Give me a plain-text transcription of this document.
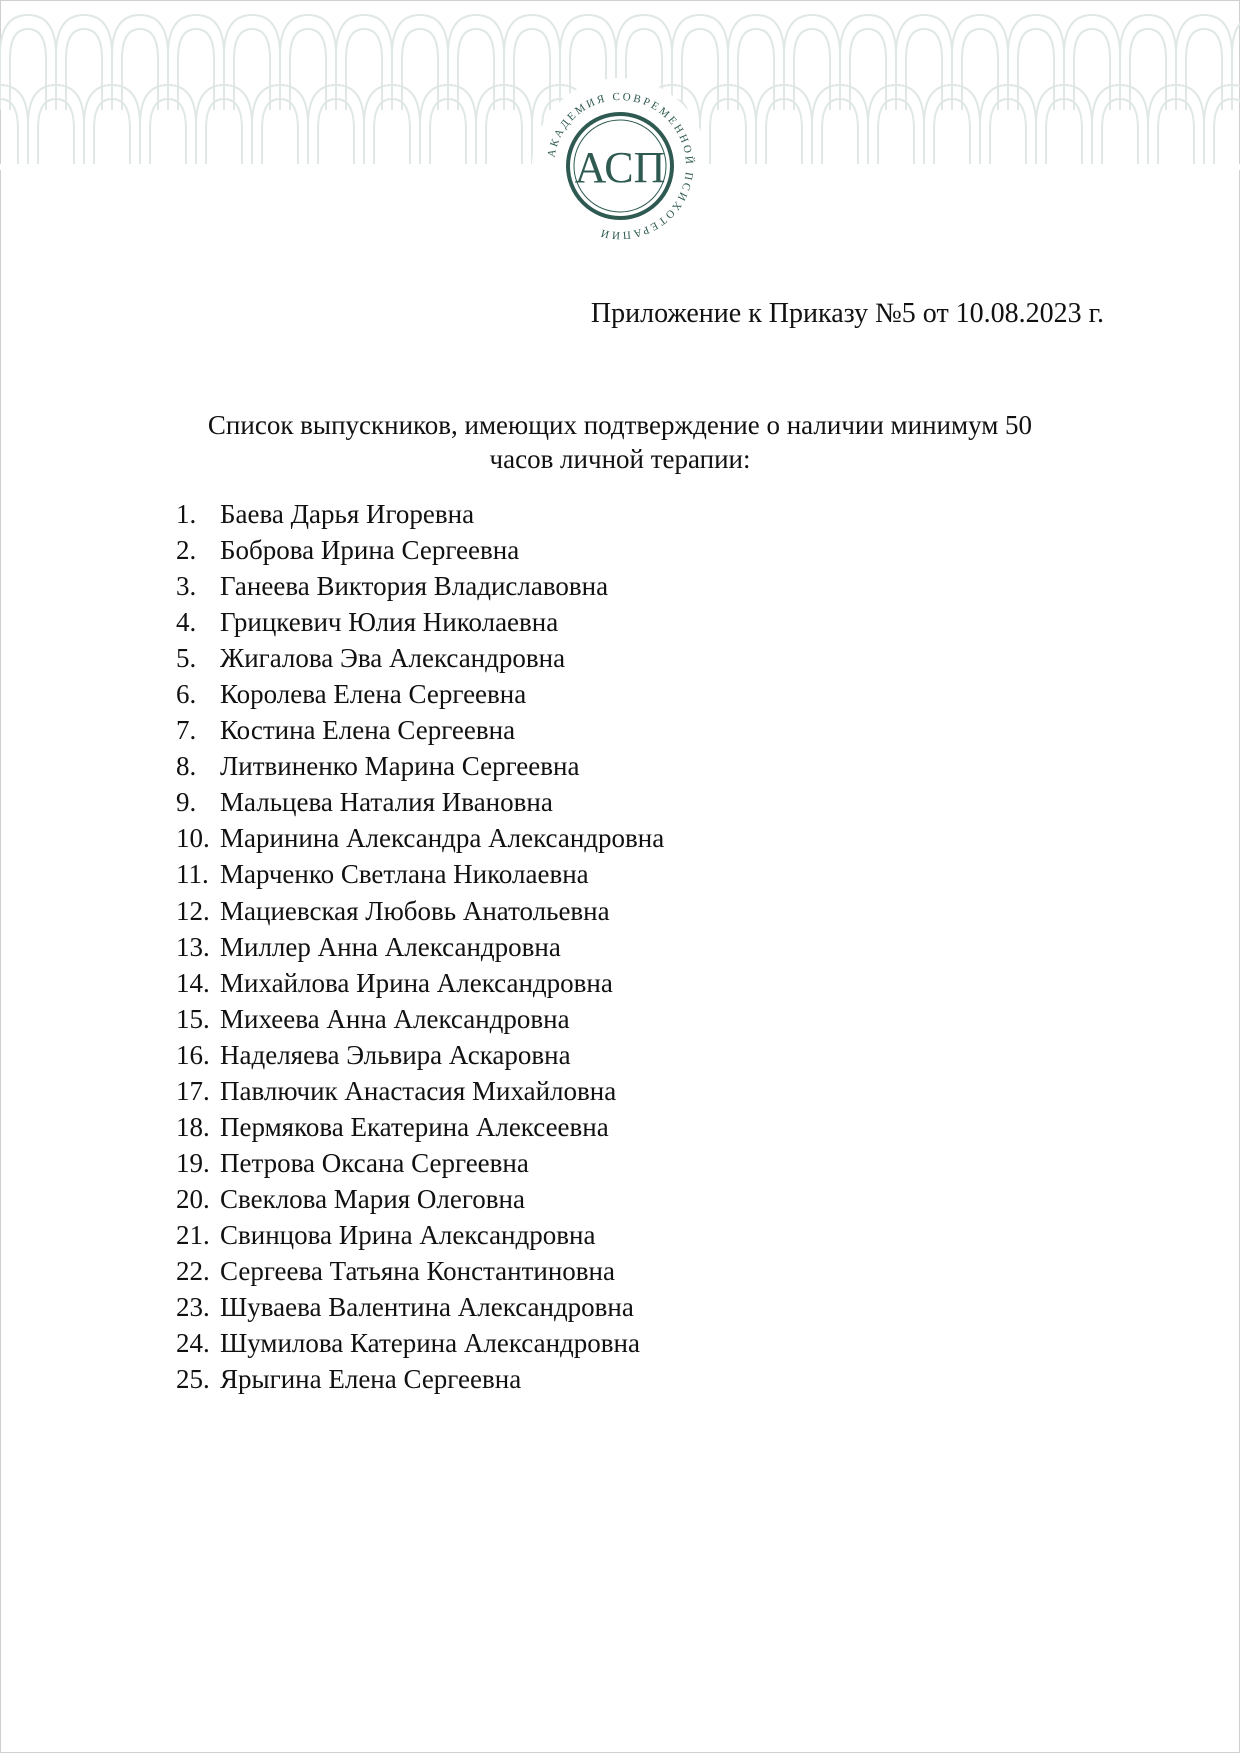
АКАДЕМИЯ СОВРЕМЕННОЙ ПСИХОТЕРАПИИ
АСП
Приложение к Приказу №5 от 10.08.2023 г.
Список выпускников, имеющих подтверждение о наличии минимум 50
часов личной терапии:
1. Баева Дарья Игоревна
2. Боброва Ирина Сергеевна
3. Ганеева Виктория Владиславовна
4. Грицкевич Юлия Николаевна
5. Жигалова Эва Александровна
6. Королева Елена Сергеевна
7. Костина Елена Сергеевна
8. Литвиненко Марина Сергеевна
9. Мальцева Наталия Ивановна
10. Маринина Александра Александровна
11. Марченко Светлана Николаевна
12. Мациевская Любовь Анатольевна
13. Миллер Анна Александровна
14. Михайлова Ирина Александровна
15. Михеева Анна Александровна
16. Наделяева Эльвира Аскаровна
17. Павлючик Анастасия Михайловна
18. Пермякова Екатерина Алексеевна
19. Петрова Оксана Сергеевна
20. Свеклова Мария Олеговна
21. Свинцова Ирина Александровна
22. Сергеева Татьяна Константиновна
23. Шуваева Валентина Александровна
24. Шумилова Катерина Александровна
25. Ярыгина Елена Сергеевна
